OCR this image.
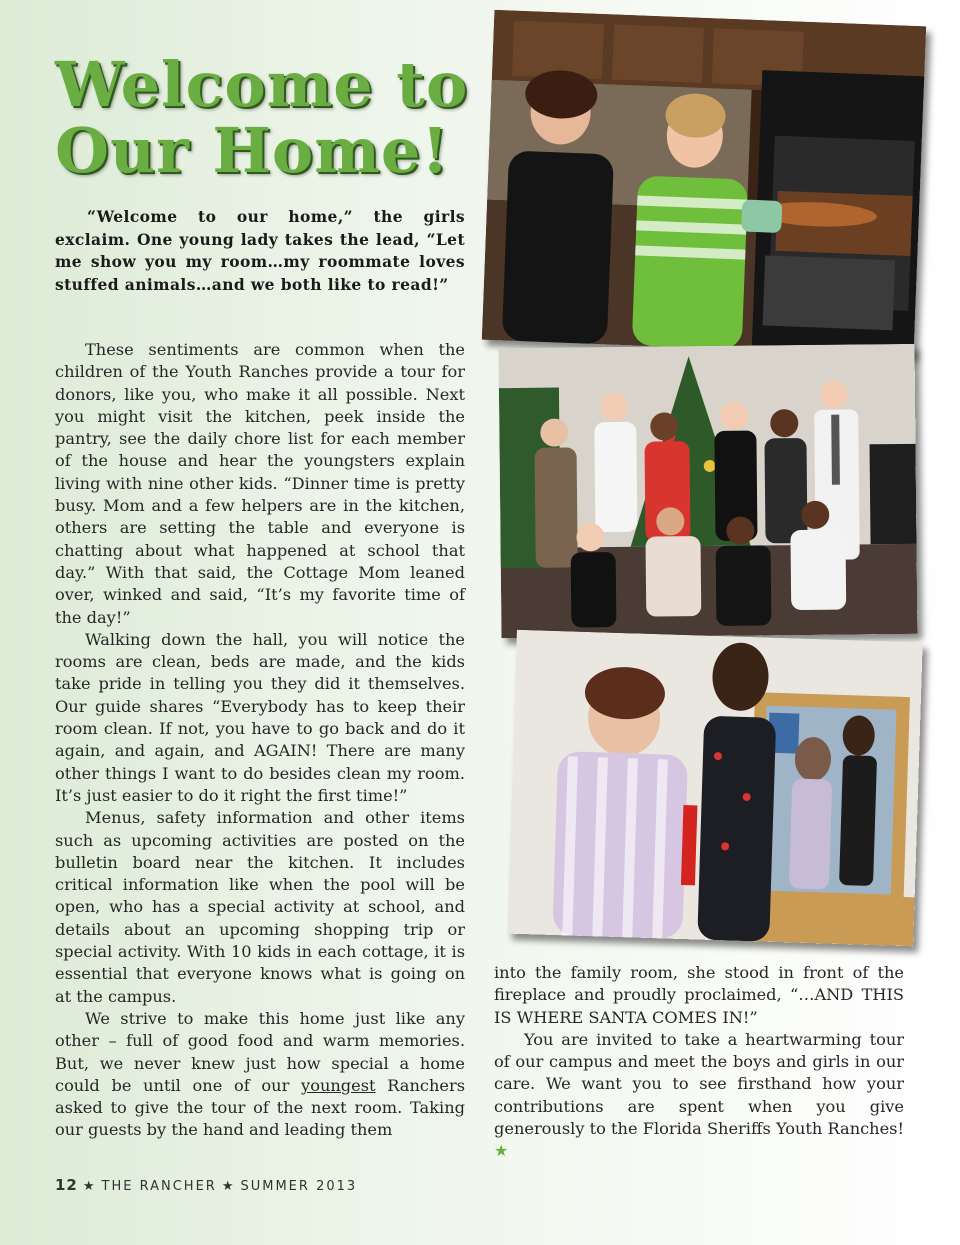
Welcome to
Our Home!

“Welcome to our home,” the girls exclaim. One young lady takes the lead, “Let me show you my room…my roommate loves stuffed animals…and we both like to read!”

These sentiments are common when the children of the Youth Ranches provide a tour for donors, like you, who make it all possible. Next you might visit the kitchen, peek inside the pantry, see the daily chore list for each member of the house and hear the youngsters explain living with nine other kids. “Dinner time is pretty busy. Mom and a few helpers are in the kitchen, others are setting the table and everyone is chatting about what happened at school that day.” With that said, the Cottage Mom leaned over, winked and said, “It’s my favorite time of the day!”

Walking down the hall, you will notice the rooms are clean, beds are made, and the kids take pride in telling you they did it themselves. Our guide shares “Everybody has to keep their room clean. If not, you have to go back and do it again, and again, and AGAIN! There are many other things I want to do besides clean my room. It’s just easier to do it right the first time!”

Menus, safety information and other items such as upcoming activities are posted on the bulletin board near the kitchen. It includes critical information like when the pool will be open, who has a special activity at school, and details about an upcoming shopping trip or special activity. With 10 kids in each cottage, it is essential that everyone knows what is going on at the campus.

We strive to make this home just like any other – full of good food and warm memories. But, we never knew just how special a home could be until one of our youngest Ranchers asked to give the tour of the next room. Taking our guests by the hand and leading them

into the family room, she stood in front of the fireplace and proudly proclaimed, “…AND THIS IS WHERE SANTA COMES IN!”

You are invited to take a heartwarming tour of our campus and meet the boys and girls in our care. We want you to see firsthand how your contributions are spent when you give generously to the Florida Sheriffs Youth Ranches! ★

12 ★ THE RANCHER ★ SUMMER 2013
